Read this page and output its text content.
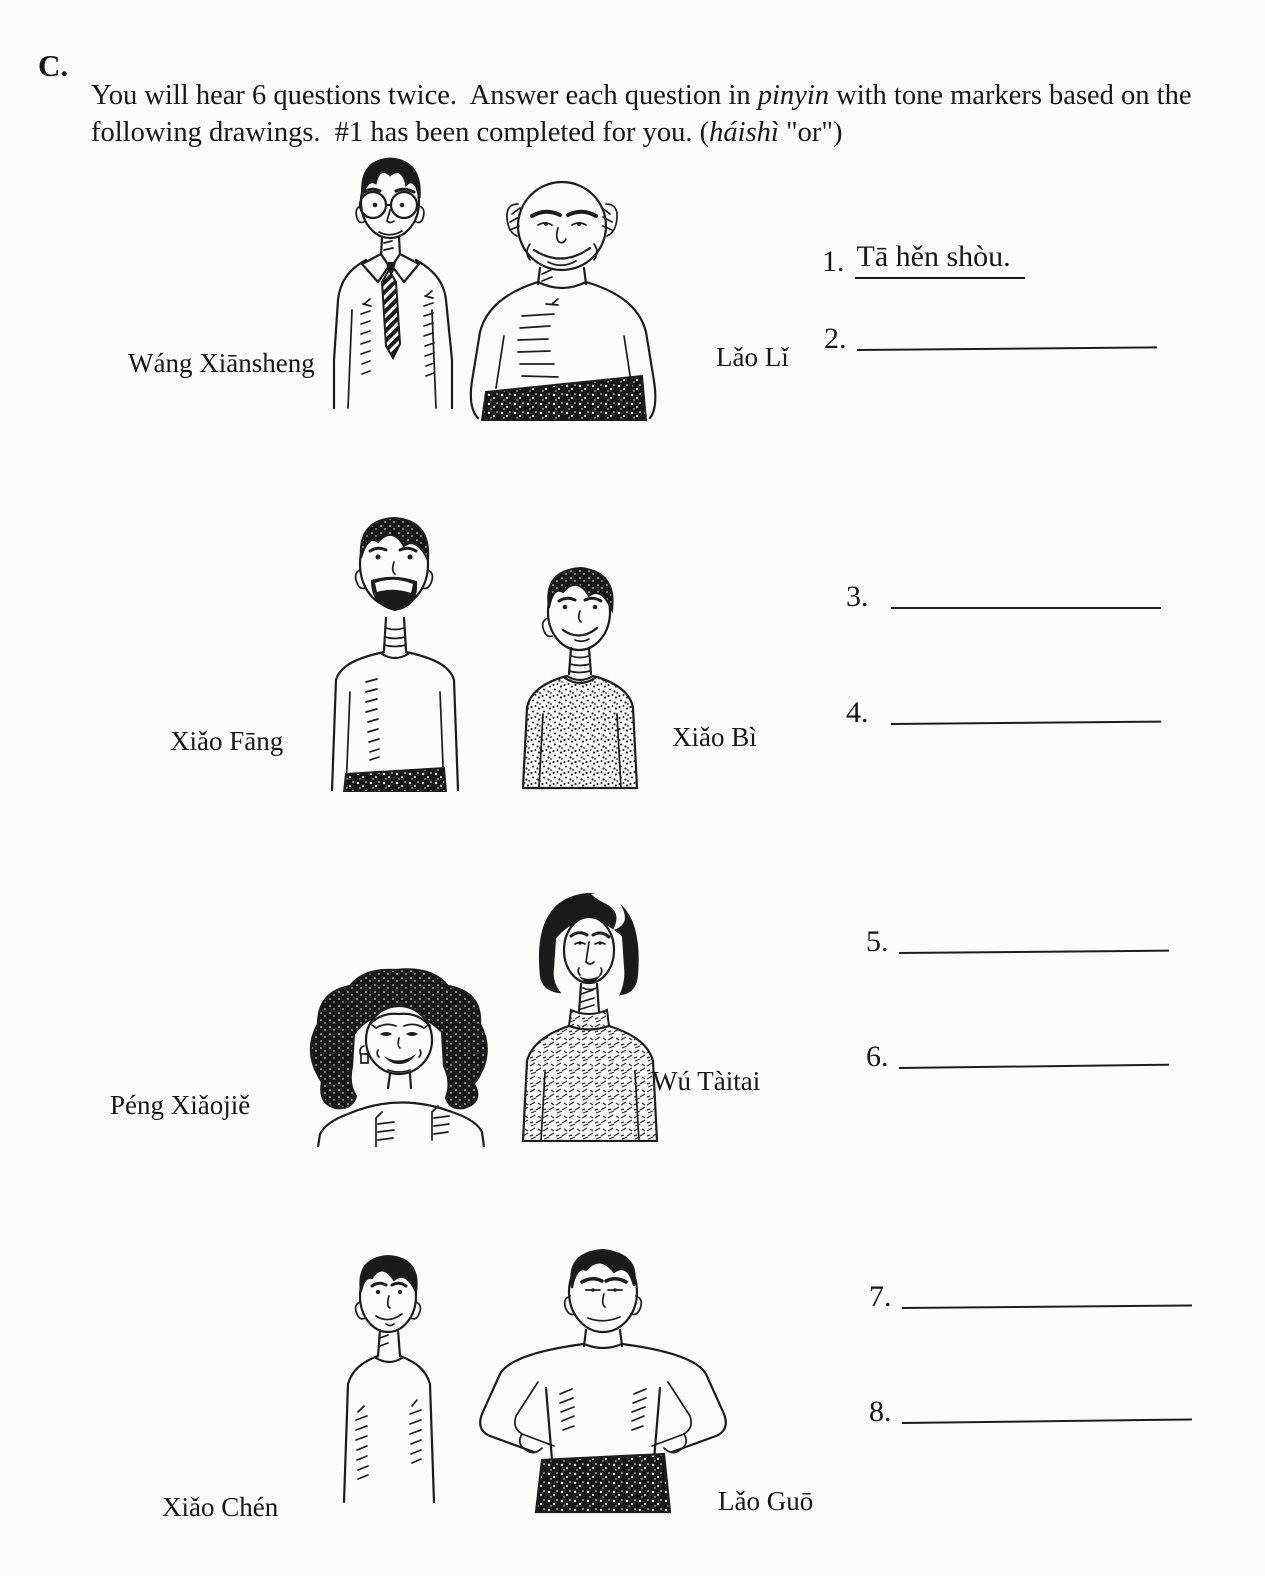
C.

You will hear 6 questions twice.  Answer each question in pinyin with tone markers based on the following drawings.  #1 has been completed for you. (háishì "or")

Wáng Xiānsheng	Lǎo Lǐ
Xiǎo Fāng	Xiǎo Bì
Péng Xiǎojiě
Wú Tàitai
Xiǎo Chén	Lǎo Guō
1. Tā hěn shòu.
2.
3.
4.
5.
6.
7.
8.
